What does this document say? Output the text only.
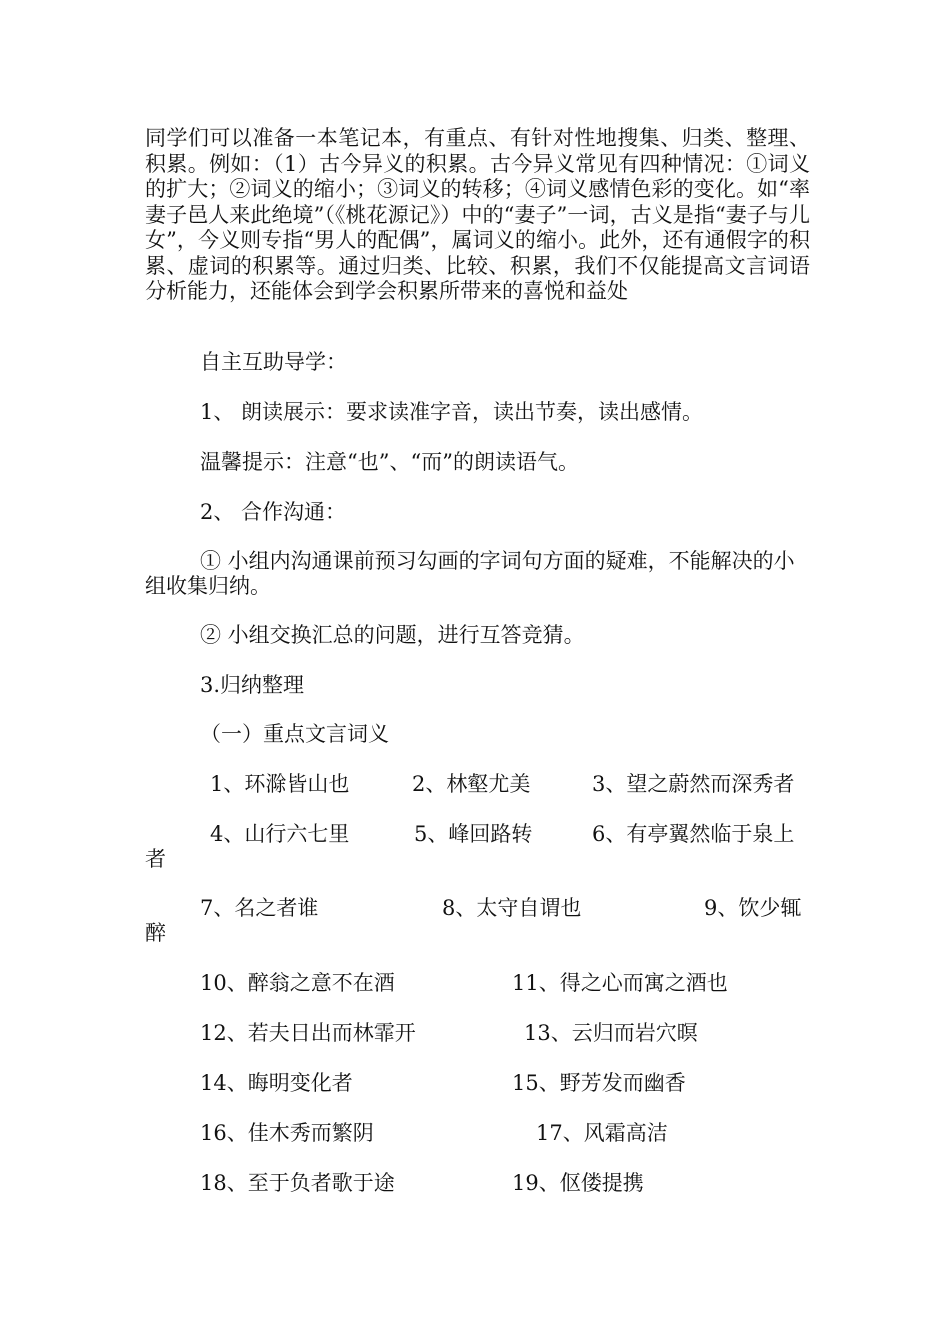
同学们可以准备一本笔记本，有重点、有针对性地搜集、归类、整理、积累。例如：（1）古今异义的积累。古今异义常见有四种情况：①词义的扩大；②词义的缩小；③词义的转移；④词义感情色彩的变化。如“率妻子邑人来此绝境”（《桃花源记》）中的“妻子”一词，古义是指“妻子与儿女”，今义则专指“男人的配偶”，属词义的缩小。此外，还有通假字的积累、虚词的积累等。通过归类、比较、积累，我们不仅能提高文言词语分析能力，还能体会到学会积累所带来的喜悦和益处
自主互助导学：
1、 朗读展示：要求读准字音，读出节奏，读出感情。
温馨提示：注意“也”、“而”的朗读语气。
2、 合作沟通：
① 小组内沟通课前预习勾画的字词句方面的疑难，不能解决的小组收集归纳。
② 小组交换汇总的问题，进行互答竞猜。
3.归纳整理
（一）重点文言词义
1、环滁皆山也	2、林壑尤美	3、望之蔚然而深秀者
4、山行六七里	5、峰回路转	6、有亭翼然临于泉上
者
7、名之者谁	8、太守自谓也	9、饮少辄
醉
10、醉翁之意不在酒	11、得之心而寓之酒也
12、若夫日出而林霏开	13、云归而岩穴暝
14、晦明变化者	15、野芳发而幽香
16、佳木秀而繁阴	17、风霜高洁
18、至于负者歌于途	19、伛偻提携
